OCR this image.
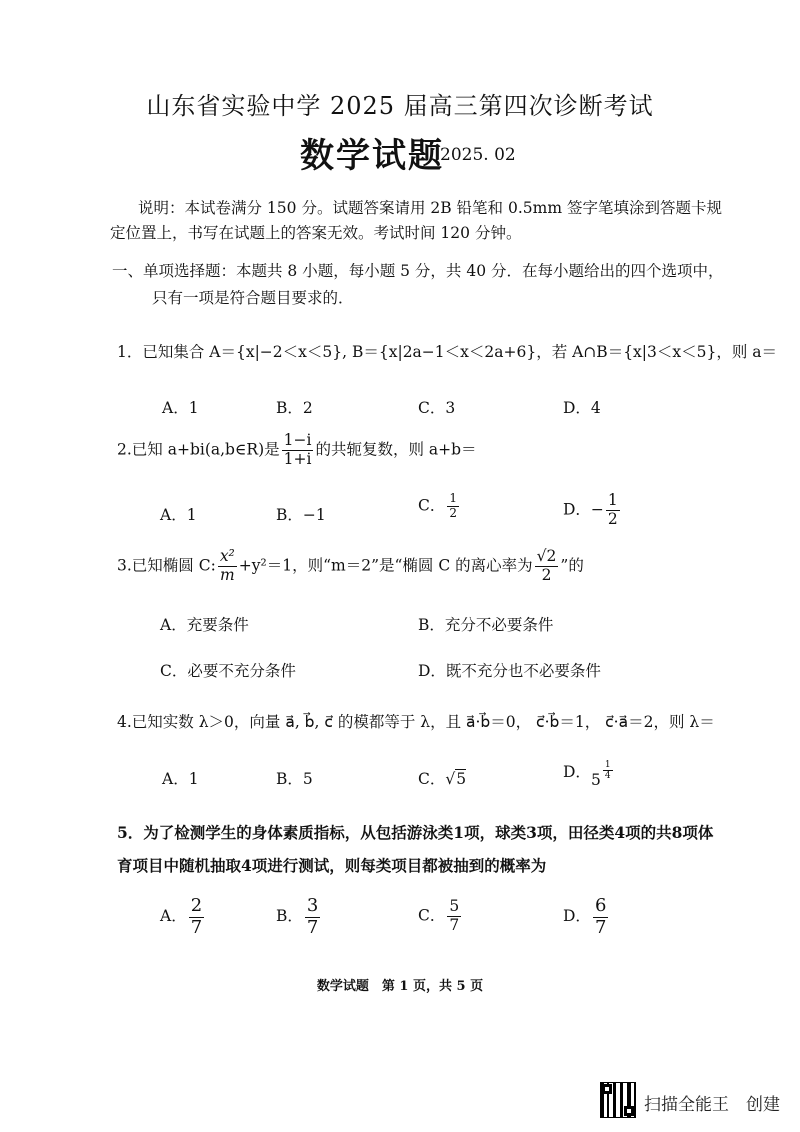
山东省实验中学 2025 届高三第四次诊断考试
数学试题
2025. 02
说明：本试卷满分 150 分。试题答案请用 2B 铅笔和 0.5mm 签字笔填涂到答题卡规
定位置上，书写在试题上的答案无效。考试时间 120 分钟。
一、单项选择题：本题共 8 小题，每小题 5 分，共 40 分．在每小题给出的四个选项中，
只有一项是符合题目要求的．
1．已知集合 A＝{x|−2＜x＜5}, B＝{x|2a−1＜x＜2a+6}，若 A∩B＝{x|3＜x＜5}，则 a＝
A．1	B．2	C．3	D．4
2.已知 a+bi(a,b∈R)是 $\frac{1-i}{1+i}$ 的共轭复数，则 a+b＝
A．1	B．−1
C． $\frac{1}{2}$	D．− $\frac{1}{2}$
3.已知椭圆 C: $\frac{\text{x²}}{m} +y^2=1$，则“m＝2”是“椭圆 C 的离心率为 $\frac{√2}{2}$ ”的
A．充要条件	B．充分不必要条件
C．必要不充分条件	D．既不充分也不必要条件
4.已知实数 λ＞0，向量 a⃗, b⃗, c⃗ 的模都等于 λ，且 a⃗·b⃗＝0， c⃗·b⃗＝1， c⃗·a⃗＝2，则 λ＝
A．1	B．5	C．√5	D．$5 \frac{1}{4}$
5．为了检测学生的身体素质指标，从包括游泳类1项，球类3项，田径类4项的共8项体
育项目中随机抽取4项进行测试，则每类项目都被抽到的概率为
A． $\frac{2}{7}$	B． $\frac{3}{7}$	C． $\frac{5}{7}$	D． $\frac{6}{7}$
数学试题　第 1 页，共 5 页
扫描全能王　创建
